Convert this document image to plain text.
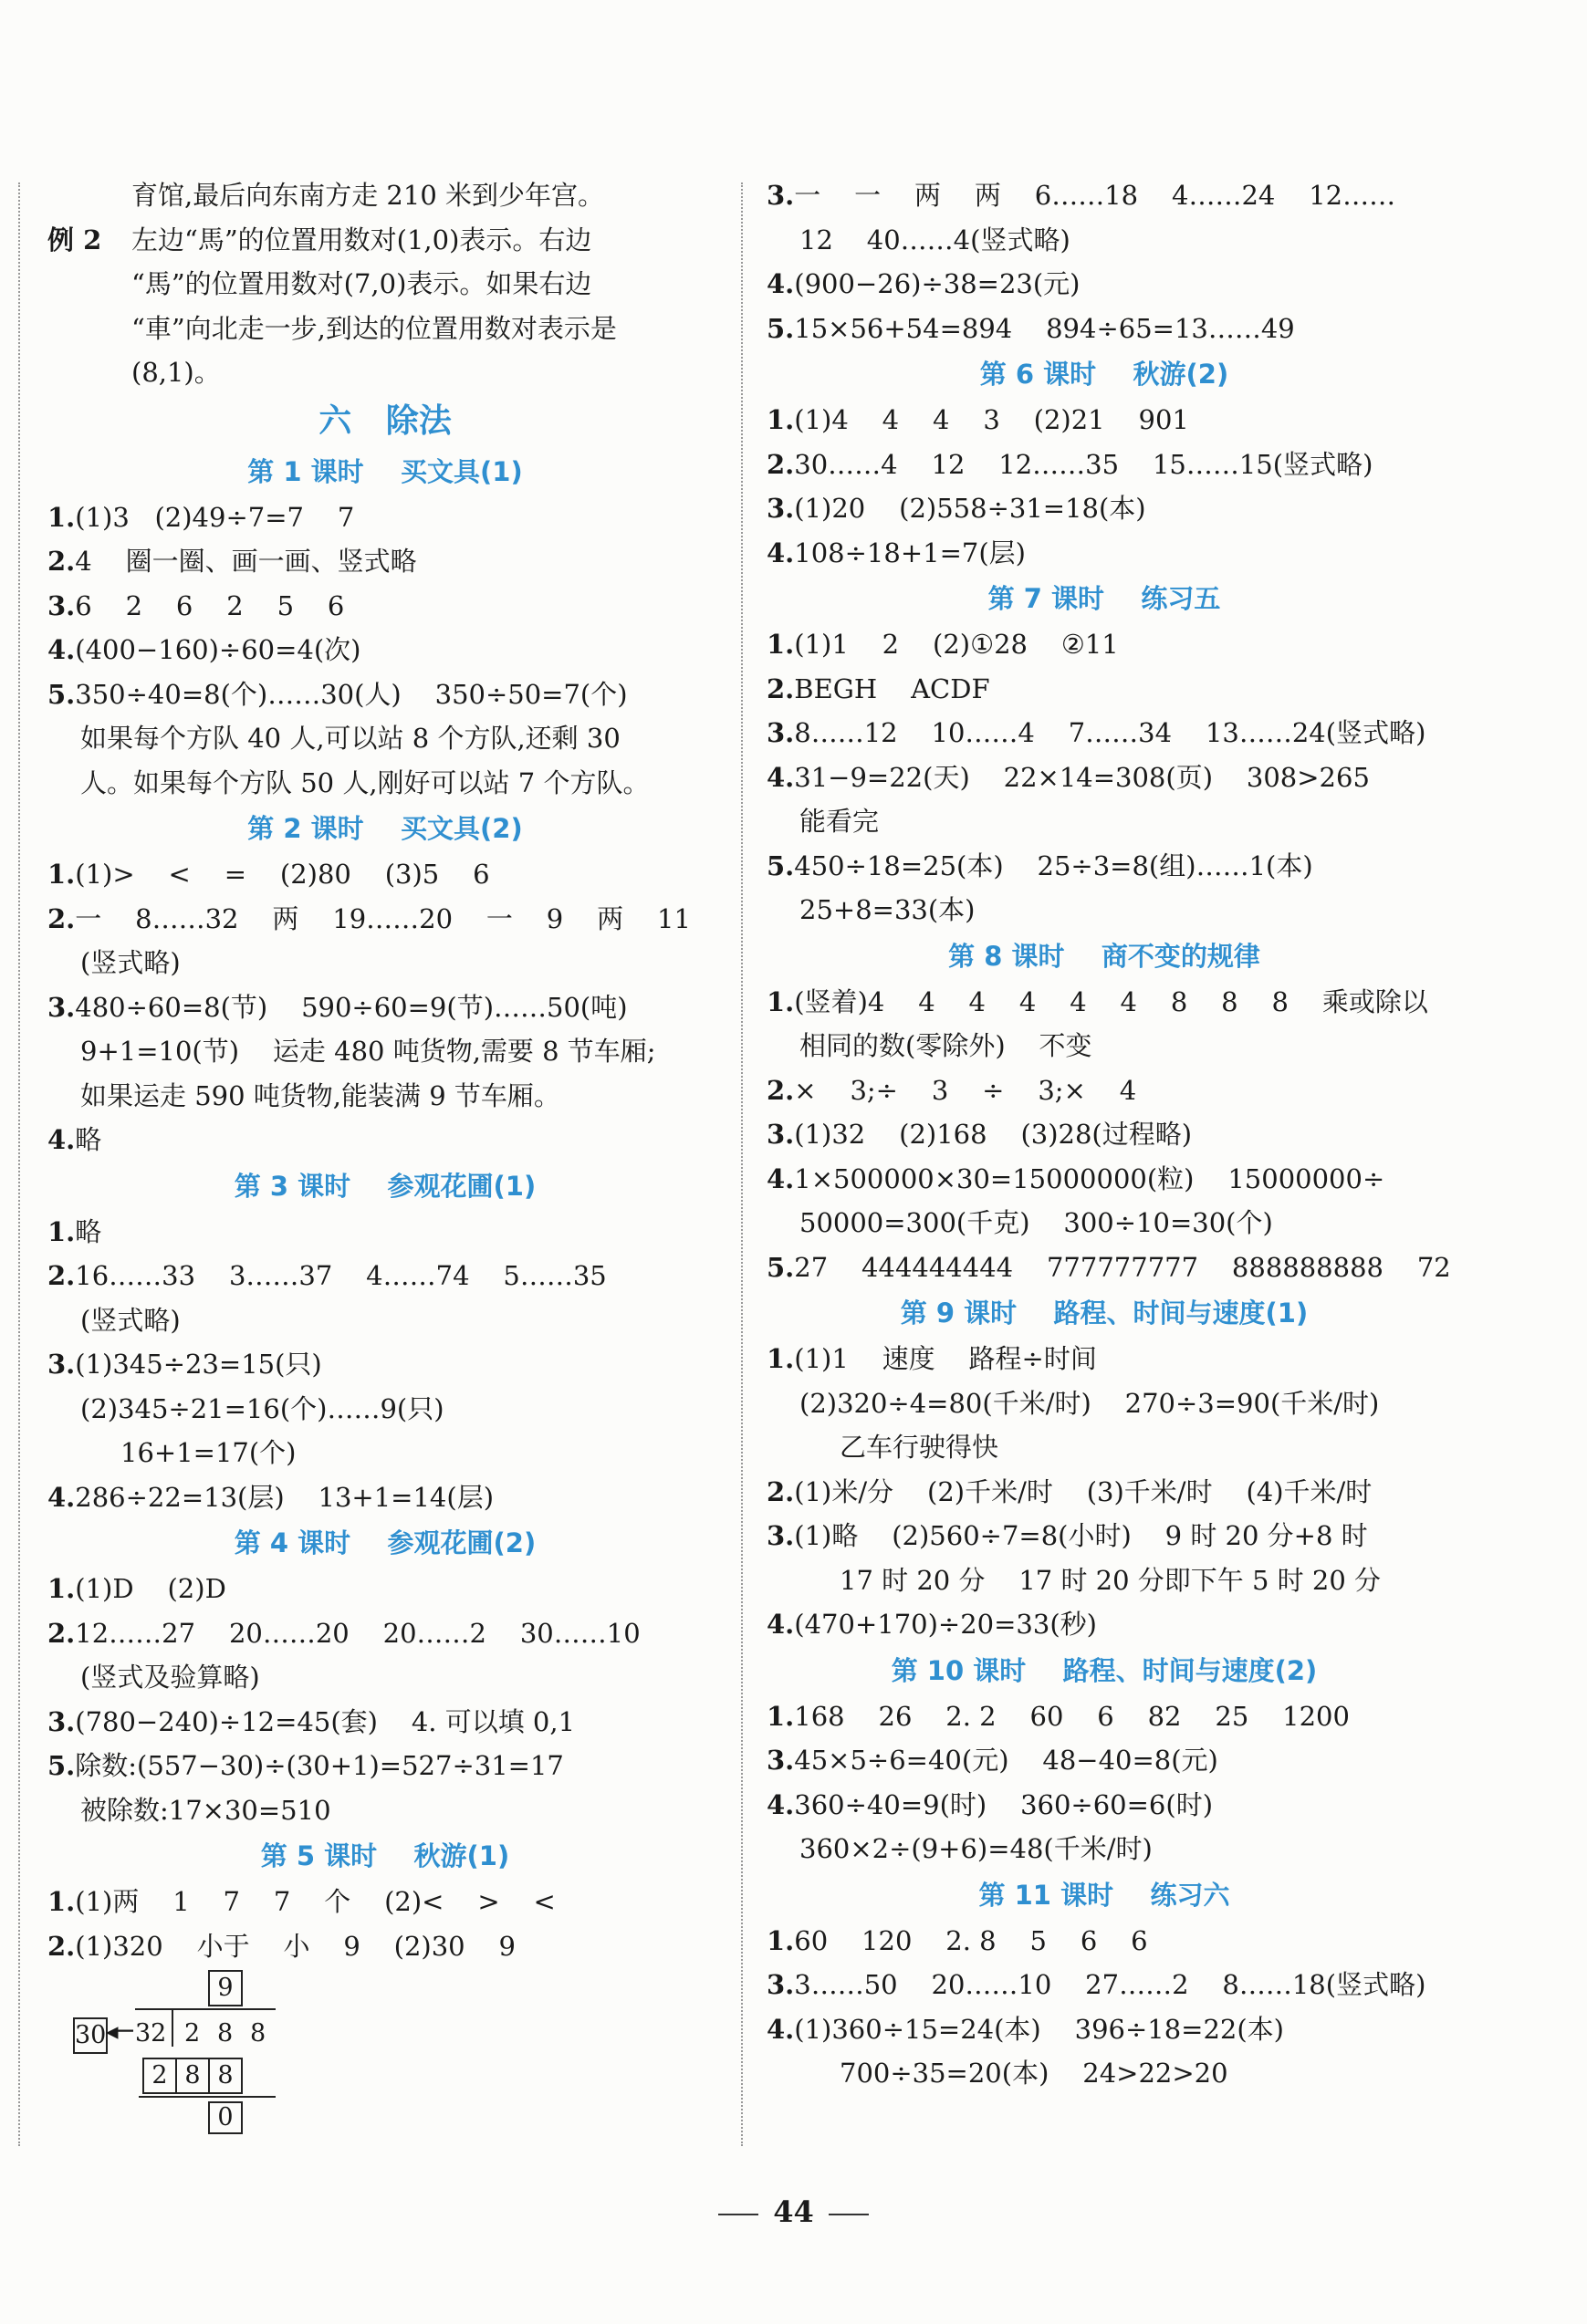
育馆,最后向东南方走 210 米到少年宫。
例 2 左边“馬”的位置用数对(1,0)表示。右边
“馬”的位置用数对(7,0)表示。如果右边
“車”向北走一步,到达的位置用数对表示是
(8,1)。
六   除法
第 1 课时    买文具(1)
1.(1)3   (2)49÷7=7    7
2.4    圈一圈、画一画、竖式略
3.6    2    6    2    5    6
4.(400−160)÷60=4(次)
5.350÷40=8(个)……30(人)    350÷50=7(个)
如果每个方队 40 人,可以站 8 个方队,还剩 30
人。如果每个方队 50 人,刚好可以站 7 个方队。
第 2 课时    买文具(2)
1.(1)>    <    =    (2)80    (3)5    6
2.一    8……32    两    19……20    一    9    两    11
(竖式略)
3.480÷60=8(节)    590÷60=9(节)……50(吨)
9+1=10(节)    运走 480 吨货物,需要 8 节车厢;
如果运走 590 吨货物,能装满 9 节车厢。
4.略
第 3 课时    参观花圃(1)
1.略
2.16……33    3……37    4……74    5……35
(竖式略)
3.(1)345÷23=15(只)
(2)345÷21=16(个)……9(只)
16+1=17(个)
4.286÷22=13(层)    13+1=14(层)
第 4 课时    参观花圃(2)
1.(1)D    (2)D
2.12……27    20……20    20……2    30……10
(竖式及验算略)
3.(780−240)÷12=45(套)    4. 可以填 0,1
5.除数:(557−30)÷(30+1)=527÷31=17
被除数:17×30=510
第 5 课时    秋游(1)
1.(1)两    1    7    7    个    (2)<    >    <
2.(1)320    小于    小    9    (2)30    9
9
30 ◂─ 32 2 8 8
2 8 8
0
3.一    一    两    两    6……18    4……24    12……
12    40……4(竖式略)
4.(900−26)÷38=23(元)
5.15×56+54=894    894÷65=13……49
第 6 课时    秋游(2)
1.(1)4    4    4    3    (2)21    901
2.30……4    12    12……35    15……15(竖式略)
3.(1)20    (2)558÷31=18(本)
4.108÷18+1=7(层)
第 7 课时    练习五
1.(1)1    2    (2)①28    ②11
2.BEGH    ACDF
3.8……12    10……4    7……34    13……24(竖式略)
4.31−9=22(天)    22×14=308(页)    308>265
能看完
5.450÷18=25(本)    25÷3=8(组)……1(本)
25+8=33(本)
第 8 课时    商不变的规律
1.(竖着)4    4    4    4    4    4    8    8    8    乘或除以
相同的数(零除外)    不变
2.×    3;÷    3    ÷    3;×    4
3.(1)32    (2)168    (3)28(过程略)
4.1×500000×30=15000000(粒)    15000000÷
50000=300(千克)    300÷10=30(个)
5.27    444444444    777777777    888888888    72
第 9 课时    路程、时间与速度(1)
1.(1)1    速度    路程÷时间
(2)320÷4=80(千米/时)    270÷3=90(千米/时)
乙车行驶得快
2.(1)米/分    (2)千米/时    (3)千米/时    (4)千米/时
3.(1)略    (2)560÷7=8(小时)    9 时 20 分+8 时
17 时 20 分    17 时 20 分即下午 5 时 20 分
4.(470+170)÷20=33(秒)
第 10 课时    路程、时间与速度(2)
1.168    26    2. 2    60    6    82    25    1200
3.45×5÷6=40(元)    48−40=8(元)
4.360÷40=9(时)    360÷60=6(时)
360×2÷(9+6)=48(千米/时)
第 11 课时    练习六
1.60    120    2. 8    5    6    6
3.3……50    20……10    27……2    8……18(竖式略)
4.(1)360÷15=24(本)    396÷18=22(本)
700÷35=20(本)    24>22>20
44
